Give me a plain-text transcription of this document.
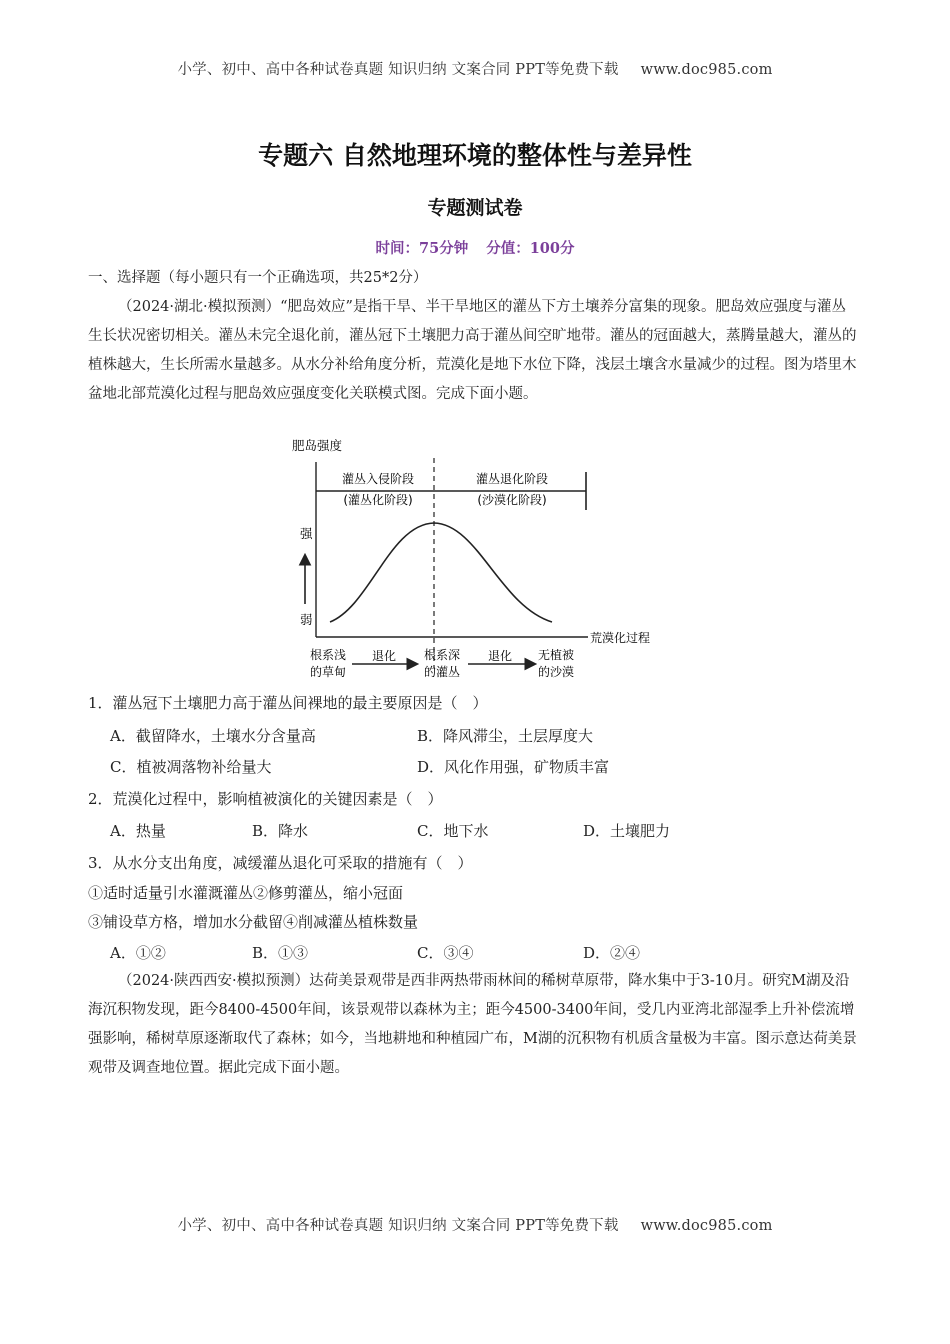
小学、初中、高中各种试卷真题 知识归纳 文案合同 PPT等免费下载 www.doc985.com
专题六 自然地理环境的整体性与差异性
专题测试卷
时间：75分钟 分值：100分
一、选择题（每小题只有一个正确选项，共25*2分）
（2024·湖北·模拟预测）“肥岛效应”是指干旱、半干旱地区的灌丛下方土壤养分富集的现象。肥岛效应强度与灌丛生长状况密切相关。灌丛未完全退化前，灌丛冠下土壤肥力高于灌丛间空旷地带。灌丛的冠面越大，蒸腾量越大，灌丛的植株越大，生长所需水量越多。从水分补给角度分析，荒漠化是地下水位下降，浅层土壤含水量减少的过程。图为塔里木盆地北部荒漠化过程与肥岛效应强度变化关联模式图。完成下面小题。
肥岛强度
强
弱
荒漠化过程
灌丛入侵阶段
(灌丛化阶段)
灌丛退化阶段
(沙漠化阶段)
根系浅
的草甸
退化 根系深
的灌丛
退化 无植被
的沙漠
1．灌丛冠下土壤肥力高于灌丛间裸地的最主要原因是（　）
A．截留降水，土壤水分含量高	B．降风滞尘，土层厚度大
C．植被凋落物补给量大	D．风化作用强，矿物质丰富
2．荒漠化过程中，影响植被演化的关键因素是（　）
A．热量	B．降水	C．地下水	D．土壤肥力
3．从水分支出角度，减缓灌丛退化可采取的措施有（　）
①适时适量引水灌溉灌丛②修剪灌丛，缩小冠面
③铺设草方格，增加水分截留④削减灌丛植株数量
A．①②	B．①③	C．③④	D．②④
（2024·陕西西安·模拟预测）达荷美景观带是西非两热带雨林间的稀树草原带，降水集中于3-10月。研究M湖及沿海沉积物发现，距今8400-4500年间，该景观带以森林为主；距今4500-3400年间，受几内亚湾北部湿季上升补偿流增强影响，稀树草原逐渐取代了森林；如今，当地耕地和种植园广布，M湖的沉积物有机质含量极为丰富。图示意达荷美景观带及调查地位置。据此完成下面小题。
小学、初中、高中各种试卷真题 知识归纳 文案合同 PPT等免费下载 www.doc985.com
